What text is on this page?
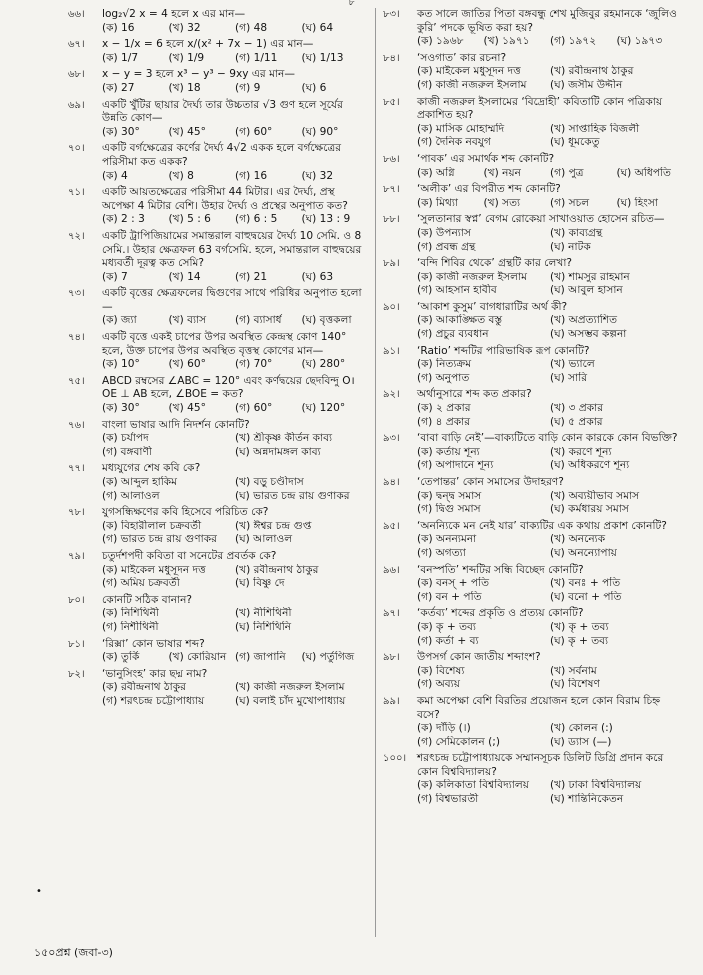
৮
•
৬৬।	log₂√2 x = 4 হলে x এর মান—
(ক) 16	(খ) 32	(গ) 48	(ঘ) 64
৬৭।	x − 1/x = 6 হলে x/(x² + 7x − 1) এর মান—
(ক) 1/7	(খ) 1/9	(গ) 1/11	(ঘ) 1/13
৬৮।	x − y = 3 হলে x³ − y³ − 9xy এর মান—
(ক) 27	(খ) 18	(গ) 9	(ঘ) 6
৬৯।	একটি খুঁটির ছায়ার দৈর্ঘ্য তার উচ্চতার √3 গুণ হলে সূর্যের উন্নতি কোণ—
(ক) 30°	(খ) 45°	(গ) 60°	(ঘ) 90°
৭০।	একটি বর্গক্ষেত্রের কর্ণের দৈর্ঘ্য 4√2 একক হলে বর্গক্ষেত্রের পরিসীমা কত একক?
(ক) 4	(খ) 8	(গ) 16	(ঘ) 32
৭১।	একটি আয়তক্ষেত্রের পরিসীমা 44 মিটার। এর দৈর্ঘ্য, প্রস্থ অপেক্ষা 4 মিটার বেশি। উহার দৈর্ঘ্য ও প্রস্থের অনুপাত কত?
(ক) 2 : 3	(খ) 5 : 6	(গ) 6 : 5	(ঘ) 13 : 9
৭২।	একটি ট্রাপিজিয়ামের সমান্তরাল বাহুদ্বয়ের দৈর্ঘ্য 10 সেমি. ও 8 সেমি.। উহার ক্ষেত্রফল 63 বর্গসেমি. হলে, সমান্তরাল বাহুদ্বয়ের মধ্যবর্তী দূরত্ব কত সেমি?
(ক) 7	(খ) 14	(গ) 21	(ঘ) 63
৭৩।	একটি বৃত্তের ক্ষেত্রফলের দ্বিগুণের সাথে পরিধির অনুপাত হলো—
(ক) জ্যা	(খ) ব্যাস	(গ) ব্যাসার্ধ	(ঘ) বৃত্তকলা
৭৪।	একটি বৃত্তে একই চাপের উপর অবস্থিত কেন্দ্রস্থ কোণ 140° হলে, উক্ত চাপের উপর অবস্থিত বৃত্তস্থ কোণের মান—
(ক) 10°	(খ) 60°	(গ) 70°	(ঘ) 280°
৭৫।	ABCD রম্বসের ∠ABC = 120° এবং কর্ণদ্বয়ের ছেদবিন্দু O। OE ⊥ AB হলে, ∠BOE = কত?
(ক) 30°	(খ) 45°	(গ) 60°	(ঘ) 120°
৭৬।	বাংলা ভাষার আদি নিদর্শন কোনটি?
(ক) চর্যাপদ	(খ) শ্রীকৃষ্ণ কীর্তন কাব্য
(গ) বঙ্গবাণী	(ঘ) অন্নদামঙ্গল কাব্য
৭৭।	মধ্যযুগের শেষ কবি কে?
(ক) আব্দুল হাকিম	(খ) বড়ু চণ্ডীদাস
(গ) আলাওল	(ঘ) ভারত চন্দ্র রায় গুণাকর
৭৮।	যুগসন্ধিক্ষণের কবি হিসেবে পরিচিত কে?
(ক) বিহারীলাল চক্রবর্তী	(খ) ঈশ্বর চন্দ্র গুপ্ত
(গ) ভারত চন্দ্র রায় গুণাকর	(ঘ) আলাওল
৭৯।	চতুর্দশপদী কবিতা বা সনেটের প্রবর্তক কে?
(ক) মাইকেল মধুসূদন দত্ত	(খ) রবীন্দ্রনাথ ঠাকুর
(গ) অমিয় চক্রবর্তী	(ঘ) বিষ্ণু দে
৮০।	কোনটি সঠিক বানান?
(ক) নিশিথিনী	(খ) নীশিথিনী
(গ) নিশীথিনী	(ঘ) নিশিথিনি
৮১।	‘রিক্সা’ কোন ভাষার শব্দ?
(ক) তুর্কি	(খ) কোরিয়ান (গ) জাপানি	(ঘ) পর্তুগিজ
৮২।	‘ভানুসিংহ’ কার ছদ্ম নাম?
(ক) রবীন্দ্রনাথ ঠাকুর	(খ) কাজী নজরুল ইসলাম
(গ) শরৎচন্দ্র চট্টোপাধ্যায়	(ঘ) বলাই চাঁদ মুখোপাধ্যায়
৮৩।	কত সালে জাতির পিতা বঙ্গবন্ধু শেখ মুজিবুর রহমানকে ‘জুলিও কুরি’ পদকে ভূষিত করা হয়?
(ক) ১৯৬৮	(খ) ১৯৭১	(গ) ১৯৭২	(ঘ) ১৯৭৩
৮৪।	‘সওগাত’ কার রচনা?
(ক) মাইকেল মধুসূদন দত্ত	(খ) রবীন্দ্রনাথ ঠাকুর
(গ) কাজী নজরুল ইসলাম	(ঘ) জসীম উদ্দীন
৮৫।	কাজী নজরুল ইসলামের ‘বিদ্রোহী’ কবিতাটি কোন পত্রিকায় প্রকাশিত হয়?
(ক) মাসিক মোহাম্মদি	(খ) সাপ্তাহিক বিজলী
(গ) দৈনিক নবযুগ	(ঘ) ধূমকেতু
৮৬।	‘পাবক’ এর সমার্থক শব্দ কোনটি?
(ক) অগ্নি	(খ) নয়ন	(গ) পুত্র	(ঘ) অধিপতি
৮৭।	‘অলীক’ এর বিপরীত শব্দ কোনটি?
(ক) মিথ্যা	(খ) সত্য	(গ) সচল	(ঘ) হিংসা
৮৮।	‘সুলতানার স্বপ্ন’ বেগম রোকেয়া সাখাওয়াত হোসেন রচিত—
(ক) উপন্যাস	(খ) কাব্যগ্রন্থ
(গ) প্রবন্ধ গ্রন্থ	(ঘ) নাটক
৮৯।	‘বন্দি শিবির থেকে’ গ্রন্থটি কার লেখা?
(ক) কাজী নজরুল ইসলাম	(খ) শামসুর রাহমান
(গ) আহসান হাবীব	(ঘ) আবুল হাসান
৯০।	‘আকাশ কুসুম’ বাগধারাটির অর্থ কী?
(ক) আকাঙ্ক্ষিত বস্তু	(খ) অপ্রত্যাশিত
(গ) প্রচুর ব্যবধান	(ঘ) অসম্ভব কল্পনা
৯১।	‘Ratio’ শব্দটির পারিভাষিক রূপ কোনটি?
(ক) নিত্যক্রম	(খ) ভ্যালে
(গ) অনুপাত	(ঘ) সারি
৯২।	অর্থানুসারে শব্দ কত প্রকার?
(ক) ২ প্রকার	(খ) ৩ প্রকার
(গ) ৪ প্রকার	(ঘ) ৫ প্রকার
৯৩।	‘বাবা বাড়ি নেই’—বাক্যটিতে বাড়ি কোন কারকে কোন বিভক্তি?
(ক) কর্তায় শূন্য	(খ) করণে শূন্য
(গ) অপাদানে শূন্য	(ঘ) অধিকরণে শূন্য
৯৪।	‘তেপান্তর’ কোন সমাসের উদাহরণ?
(ক) দ্বন্দ্ব সমাস	(খ) অব্যয়ীভাব সমাস
(গ) দ্বিগু সমাস	(ঘ) কর্মধারয় সমাস
৯৫।	‘অনন্যিকে মন নেই যার’ বাক্যটির এক কথায় প্রকাশ কোনটি?
(ক) অনন্যমনা	(খ) অনন্যেক
(গ) অগত্যা	(ঘ) অনন্যোপায়
৯৬।	‘বনস্পতি’ শব্দটির সন্ধি বিচ্ছেদ কোনটি?
(ক) বনস্ + পতি	(খ) বনঃ + পতি
(গ) বন + পতি	(ঘ) বনো + পতি
৯৭।	‘কর্তব্য’ শব্দের প্রকৃতি ও প্রত্যয় কোনটি?
(ক) কৃ + তব্য	(খ) কৃ + তব্য
(গ) কর্তা + ব্য	(ঘ) কৃ + তব্য
৯৮।	উপসর্গ কোন জাতীয় শব্দাংশ?
(ক) বিশেষ্য	(খ) সর্বনাম
(গ) অব্যয়	(ঘ) বিশেষণ
৯৯।	কমা অপেক্ষা বেশি বিরতির প্রয়োজন হলে কোন বিরাম চিহ্ন বসে?
(ক) দাঁড়ি (।)	(খ) কোলন (:)
(গ) সেমিকোলন (;)	(ঘ) ড্যাস (—)
১০০।	শরৎচন্দ্র চট্টোপাধ্যায়কে সম্মানসূচক ডিলিট ডিগ্রি প্রদান করে কোন বিশ্ববিদ্যালয়?
(ক) কলিকাতা বিশ্ববিদ্যালয়	(খ) ঢাকা বিশ্ববিদ্যালয়
(গ) বিশ্বভারতী	(ঘ) শান্তিনিকেতন
১৫০প্রশ্ন (জবা-৩)
